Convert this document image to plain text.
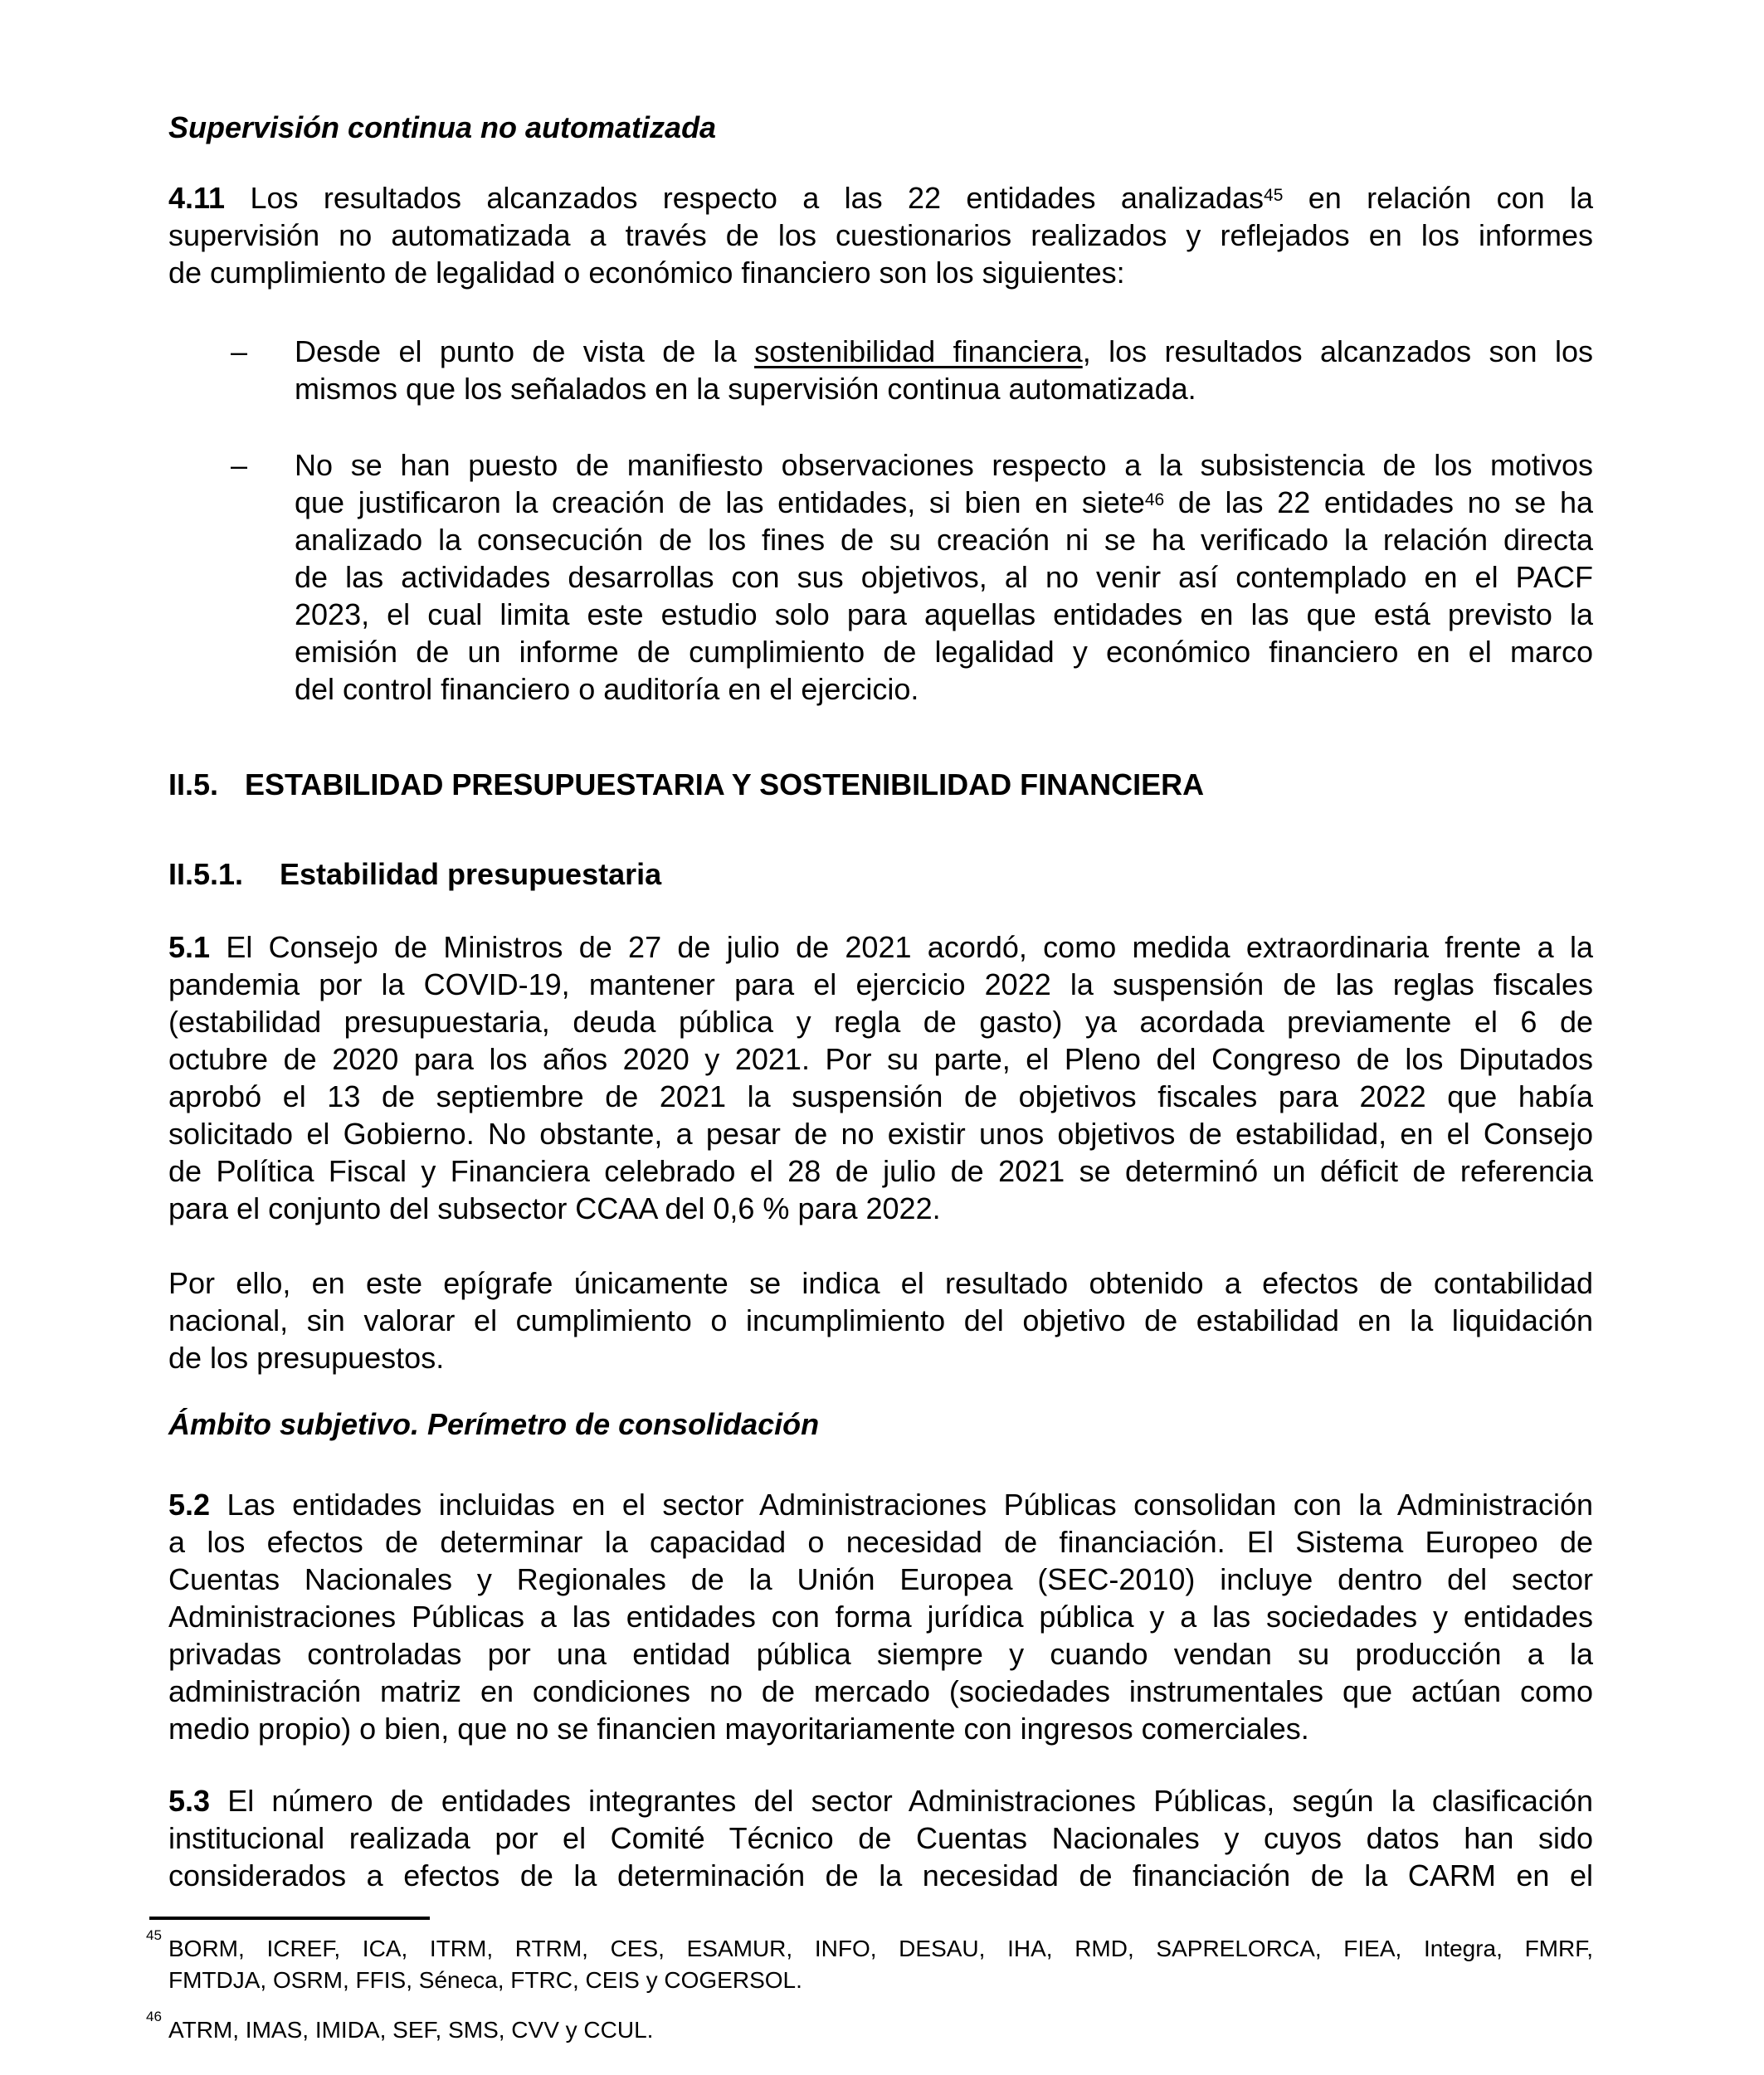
Supervisión continua no automatizada
4.11 Los resultados alcanzados respecto a las 22 entidades analizadas$^{45}$ en relación con la
supervisión no automatizada a través de los cuestionarios realizados y reflejados en los informes
de cumplimiento de legalidad o económico financiero son los siguientes:
– Desde el punto de vista de la sostenibilidad financiera, los resultados alcanzados son los
mismos que los señalados en la supervisión continua automatizada.
– No se han puesto de manifiesto observaciones respecto a la subsistencia de los motivos
que justificaron la creación de las entidades, si bien en siete$^{46}$ de las 22 entidades no se ha
analizado la consecución de los fines de su creación ni se ha verificado la relación directa
de las actividades desarrollas con sus objetivos, al no venir así contemplado en el PACF
2023, el cual limita este estudio solo para aquellas entidades en las que está previsto la
emisión de un informe de cumplimiento de legalidad y económico financiero en el marco
del control financiero o auditoría en el ejercicio.
II.5. ESTABILIDAD PRESUPUESTARIA Y SOSTENIBILIDAD FINANCIERA
II.5.1. Estabilidad presupuestaria
5.1 El Consejo de Ministros de 27 de julio de 2021 acordó, como medida extraordinaria frente a la
pandemia por la COVID-19, mantener para el ejercicio 2022 la suspensión de las reglas fiscales
(estabilidad presupuestaria, deuda pública y regla de gasto) ya acordada previamente el 6 de
octubre de 2020 para los años 2020 y 2021. Por su parte, el Pleno del Congreso de los Diputados
aprobó el 13 de septiembre de 2021 la suspensión de objetivos fiscales para 2022 que había
solicitado el Gobierno. No obstante, a pesar de no existir unos objetivos de estabilidad, en el Consejo
de Política Fiscal y Financiera celebrado el 28 de julio de 2021 se determinó un déficit de referencia
para el conjunto del subsector CCAA del 0,6 % para 2022.
Por ello, en este epígrafe únicamente se indica el resultado obtenido a efectos de contabilidad
nacional, sin valorar el cumplimiento o incumplimiento del objetivo de estabilidad en la liquidación
de los presupuestos.
Ámbito subjetivo. Perímetro de consolidación
5.2 Las entidades incluidas en el sector Administraciones Públicas consolidan con la Administración
a los efectos de determinar la capacidad o necesidad de financiación. El Sistema Europeo de
Cuentas Nacionales y Regionales de la Unión Europea (SEC-2010) incluye dentro del sector
Administraciones Públicas a las entidades con forma jurídica pública y a las sociedades y entidades
privadas controladas por una entidad pública siempre y cuando vendan su producción a la
administración matriz en condiciones no de mercado (sociedades instrumentales que actúan como
medio propio) o bien, que no se financien mayoritariamente con ingresos comerciales.
5.3 El número de entidades integrantes del sector Administraciones Públicas, según la clasificación
institucional realizada por el Comité Técnico de Cuentas Nacionales y cuyos datos han sido
considerados a efectos de la determinación de la necesidad de financiación de la CARM en el
45
BORM, ICREF, ICA, ITRM, RTRM, CES, ESAMUR, INFO, DESAU, IHA, RMD, SAPRELORCA, FIEA, Integra, FMRF,
FMTDJA, OSRM, FFIS, Séneca, FTRC, CEIS y COGERSOL.
46
ATRM, IMAS, IMIDA, SEF, SMS, CVV y CCUL.
